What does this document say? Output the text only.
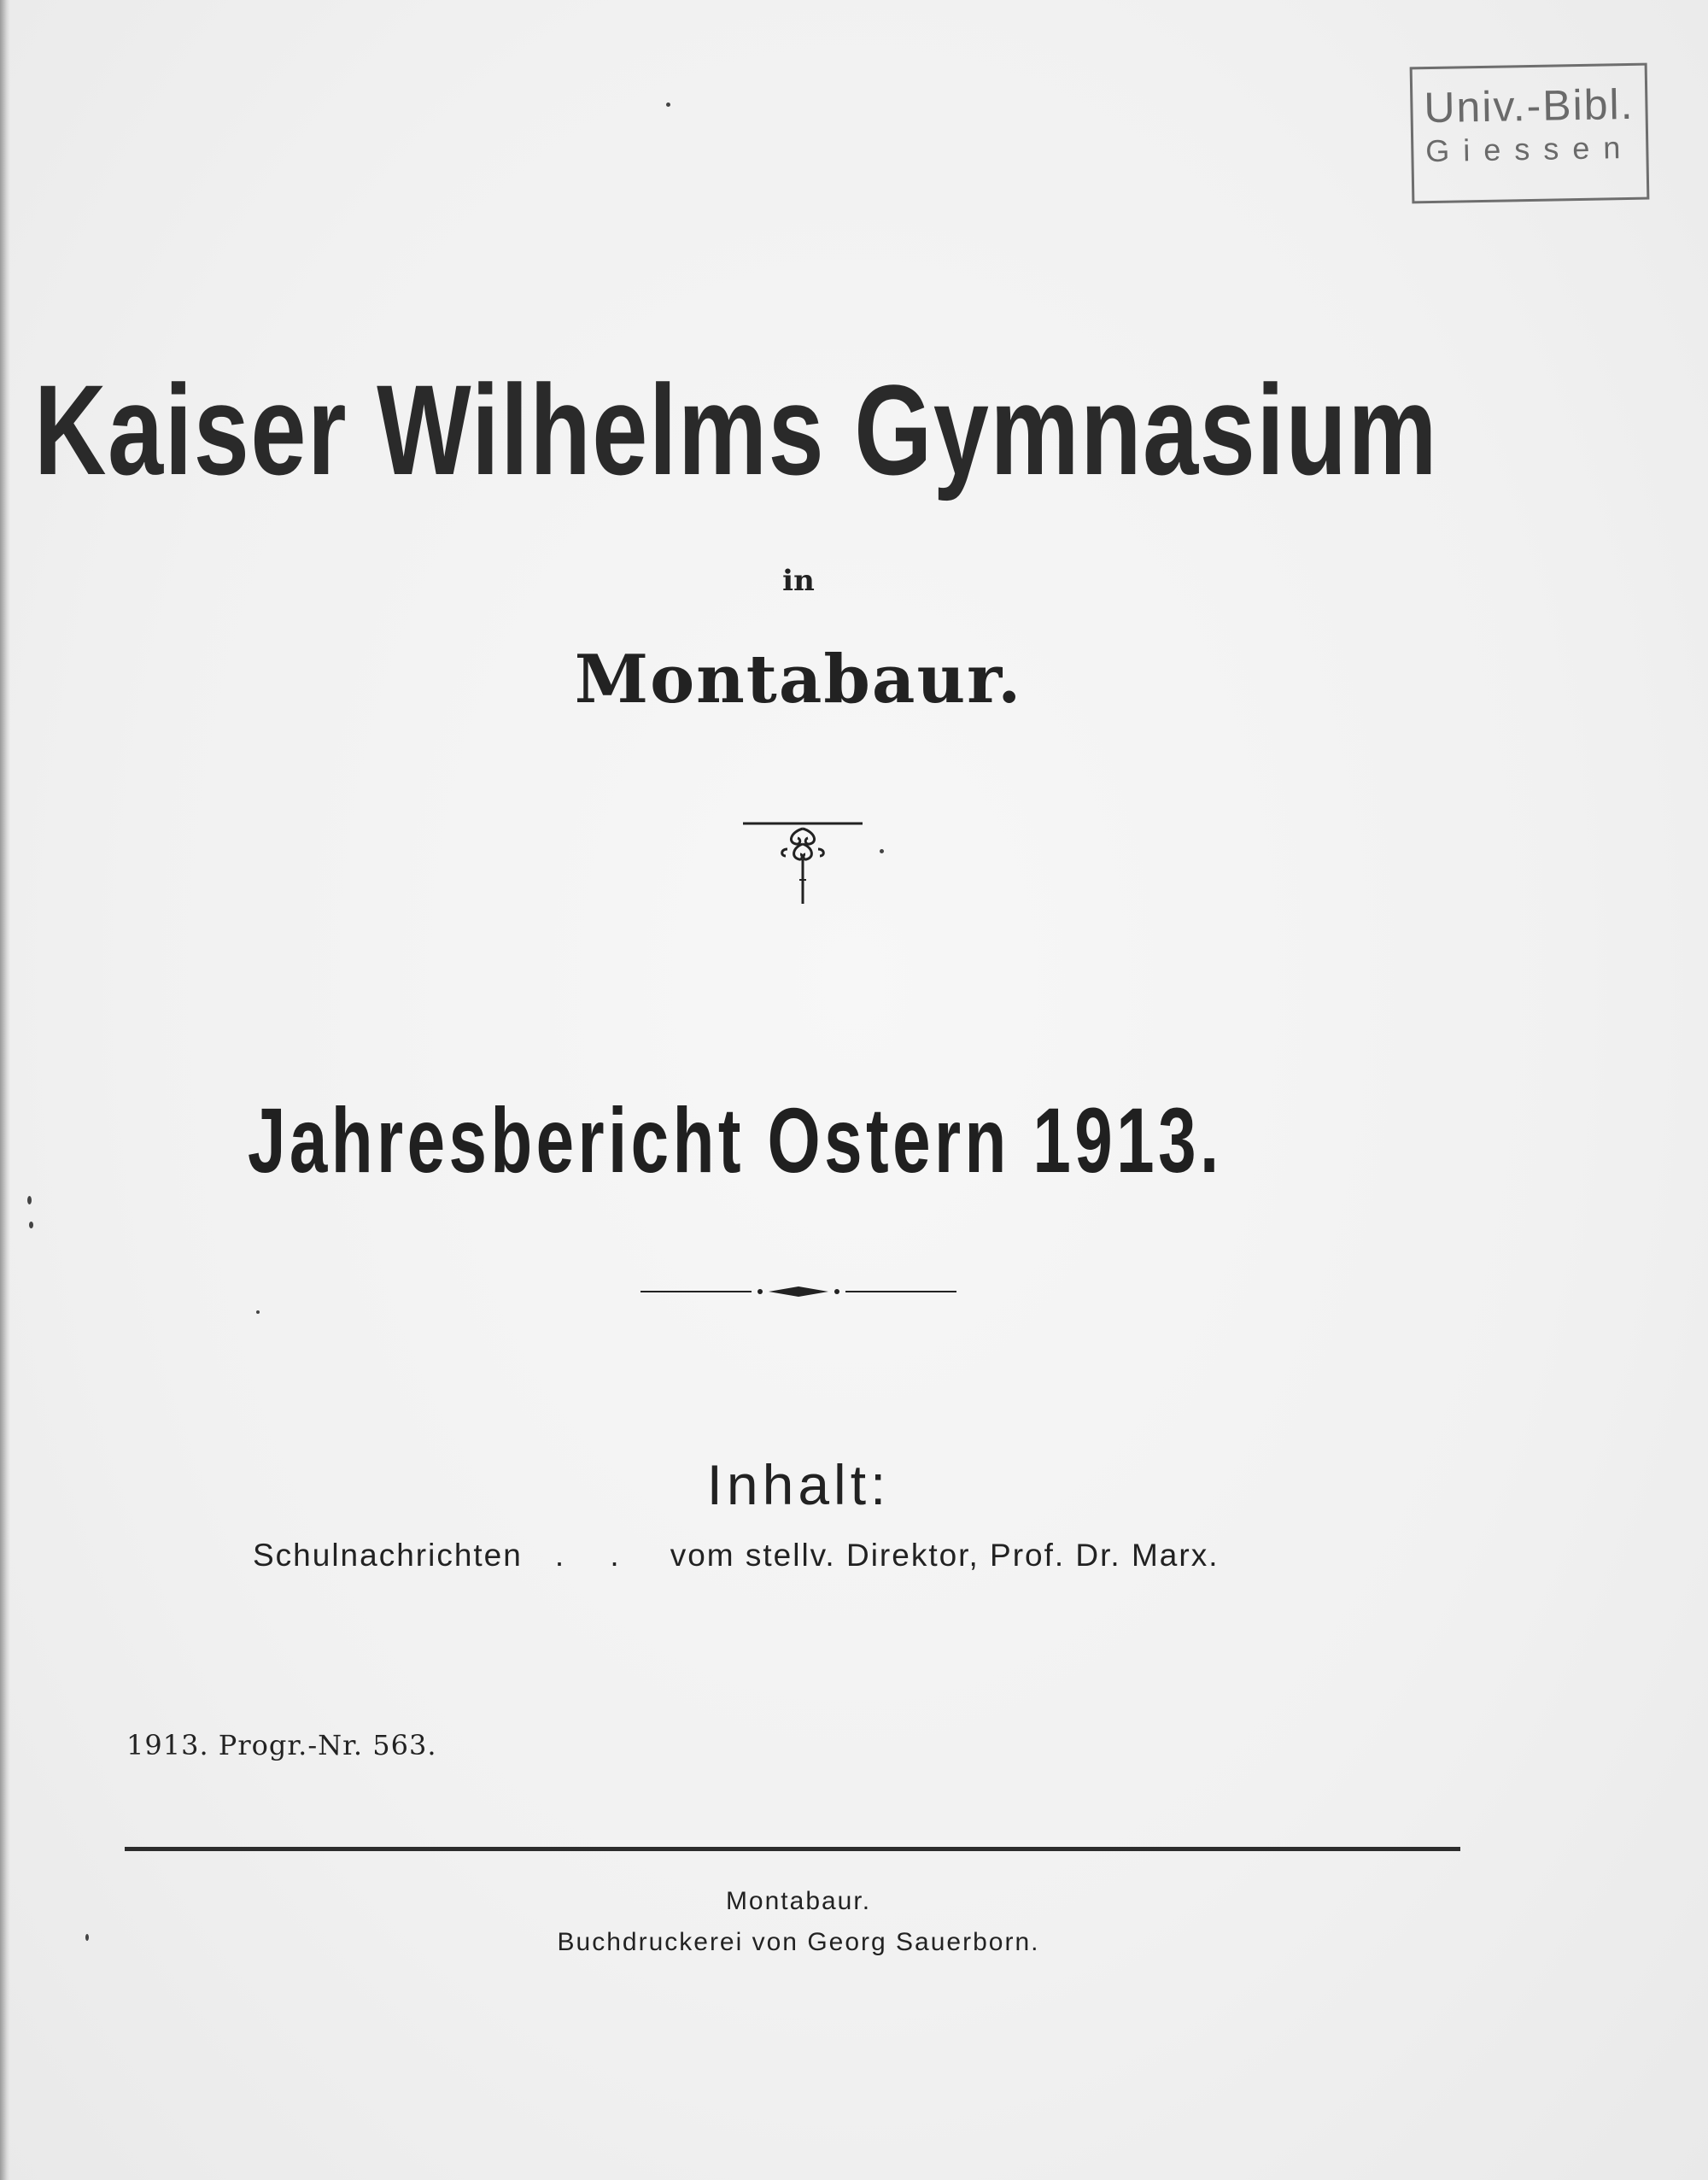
Univ.-Bibl.
Giessen
Kaiser Wilhelms Gymnasium
in
Montabaur.
Jahresbericht Ostern 1913.
Inhalt:
Schulnachrichten . . vom stellv. Direktor, Prof. Dr. Marx.
1913. Progr.-Nr. 563.
Montabaur.
Buchdruckerei von Georg Sauerborn.
